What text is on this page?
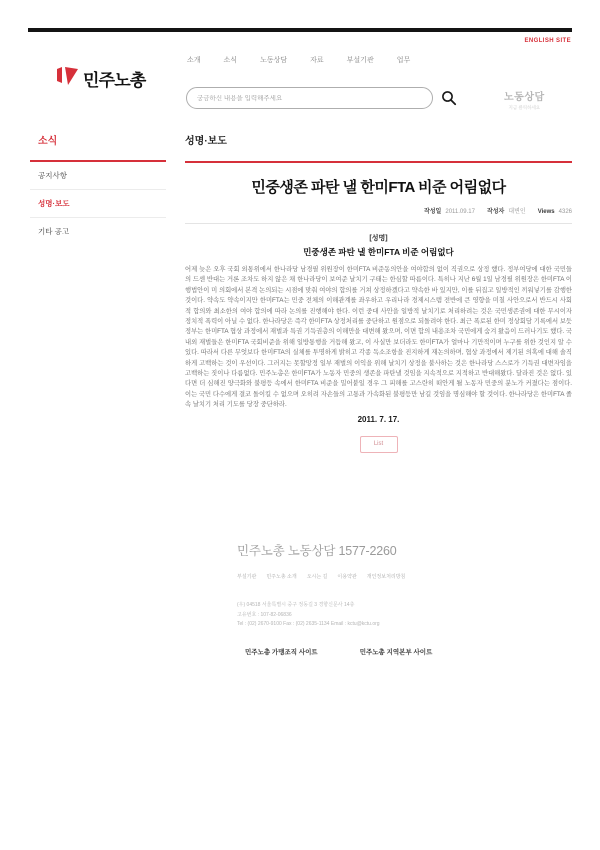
ENGLISH SITE
민주노총
소개	소식	노동상담	자료	부설기관	업무
궁금하신 내용을 입력해주세요
노동상담
지금 클릭하세요
소식
공지사항
성명·보도
기타 공고
성명·보도
민중생존 파탄 낼 한미FTA 비준 어림없다
작성일 2011.09.17 작성자 대변인 Views 4326
[성명]
민중생존 파탄 낼 한미FTA 비준 어림없다
어제 늦은 오후 국회 외통위에서 한나라당 남경필 위원장이 한미FTA 비준동의안을 여야합의 없이 직권으로 상정 했다. 정부여당에 대한 국민들의 드센 반대는 거론 조차도 하지 않은 채 한나라당이 보여준 날치기 구태는 한심할 따름이다. 특히나 지난 6월 1일 남경필 위원장은 한미FTA 이행법안이 미 의회에서 본격 논의되는 시점에 맞춰 여야의 합의를 거쳐 상정하겠다고 약속한 바 있지만, 이를 뒤집고 일방적인 끼워넣기를 감행한 것이다. 약속도 약속이지만 한미FTA는 민중 전체의 이해관계를 좌우하고 우리나라 경제시스템 전반에 큰 영향을 미칠 사안으로서 반드시 사회적 합의와 최소한의 여야 합의에 따라 논의를 진행해야 한다. 이런 중대 사안을 일방적 날치기로 처리하려는 것은 국민생존권에 대한 무시이자 정치적 폭력이 아닐 수 없다. 한나라당은 즉각 한미FTA 상정처리를 중단하고 원점으로 되돌려야 한다. 최근 폭로된 한미 정상회담 기록에서 보듯 정부는 한미FTA 협상 과정에서 재벌과 특권 기득권층의 이해만을 대변해 왔으며, 이면 합의 내용조차 국민에게 숨겨 왔음이 드러나기도 했다. 국내외 재벌들은 한미FTA 국회비준을 위해 일방통행을 거듭해 왔고, 이 사실만 보더라도 한미FTA가 얼마나 기만적이며 누구를 위한 것인지 알 수 있다. 따라서 다른 무엇보다 한미FTA의 실체를 투명하게 밝히고 각종 독소조항을 진지하게 재논의하며, 협상 과정에서 제기된 의혹에 대해 솔직하게 고백하는 것이 우선이다. 그러지는 못할망정 일부 재벌의 이익을 위해 날치기 상정을 불사하는 것은 한나라당 스스로가 기득권 대변자임을 고백하는 짓이나 다름없다. 민주노총은 한미FTA가 노동자 민중의 생존을 파탄낼 것임을 지속적으로 지적하고 반대해왔다. 달라진 것은 없다. 있다면 더 심해진 양극화와 불평등 속에서 한미FTA 비준을 밀어붙일 경우 그 피해를 고스란히 떠안게 될 노동자 민중의 분노가 커졌다는 점이다. 이는 국민 다수에게 결코 돌이킬 수 없으며 오히려 자손들의 고통과 가속화된 불평등만 남길 것임을 명심해야 할 것이다. 한나라당은 한미FTA 졸속 날치기 처리 기도를 당장 중단하라.
2011. 7. 17.
List
민주노총 노동상담 1577-2260
부설기관 민주노총 소개 오시는 길 이용약관 개인정보처리방침
(우) 04518 서울특별시 중구 정동길 3 경향신문사 14층
고유번호 : 107-82-06836
Tel : (02) 2670-9100 Fax : (02) 2635-1134 Email : kctu@kctu.org
민주노총 가맹조직 사이트	민주노총 지역본부 사이트
